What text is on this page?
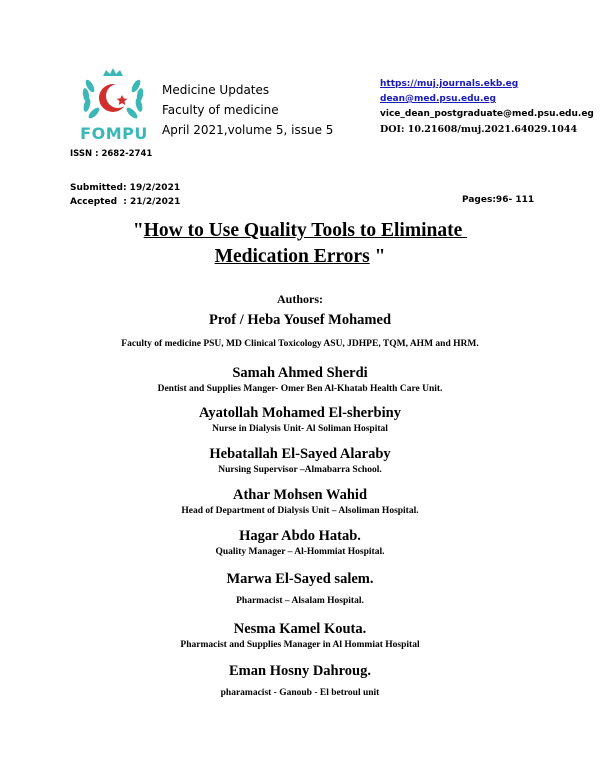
FOMPU
Medicine Updates
Faculty of medicine
April 2021,volume 5, issue 5
https://muj.journals.ekb.eg
dean@med.psu.edu.eg
vice_dean_postgraduate@med.psu.edu.eg
DOI: 10.21608/muj.2021.64029.1044
ISSN : 2682-2741
Submitted: 19/2/2021
Accepted  : 21/2/2021	Pages:96- 111
"How to Use Quality Tools to Eliminate
Medication Errors "
Authors:
Prof / Heba Yousef Mohamed
Faculty of medicine PSU, MD Clinical Toxicology ASU, JDHPE, TQM, AHM and HRM.
Samah Ahmed Sherdi
Dentist and Supplies Manger- Omer Ben Al-Khatab Health Care Unit.
Ayatollah Mohamed El-sherbiny
Nurse in Dialysis Unit- Al Soliman Hospital
Hebatallah El-Sayed Alaraby
Nursing Supervisor –Almabarra School.
Athar Mohsen Wahid
Head of Department of Dialysis Unit – Alsoliman Hospital.
Hagar Abdo Hatab.
Quality Manager – Al-Hommiat Hospital.
Marwa El-Sayed salem.
Pharmacist – Alsalam Hospital.
Nesma Kamel Kouta.
Pharmacist and Supplies Manager in Al Hommiat Hospital
Eman Hosny Dahroug.
pharamacist - Ganoub - El betroul unit
